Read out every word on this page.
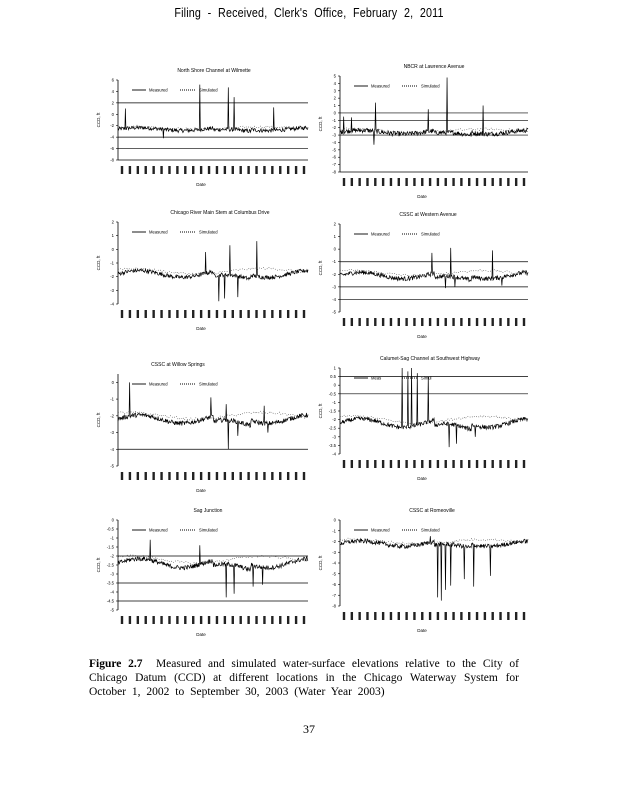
Filing - Received, Clerk's Office, February 2, 2011
North Shore Channel at Wilmette
6
4
2
0
-2
-4
-6
-8
CCD, ft
Date
Measured	Simulated
NBCR at Lawrence Avenue
5
4
3
2
1
0
-1
-2
-3
-4
-5
-6
-7
-8
CCD, ft
Date
Measured	Simulated
Chicago River Main Stem at Columbus Drive
2
1
0
-1
-2
-3
-4
CCD, ft
Date
Measured	Simulated
CSSC at Western Avenue
2
1
0
-1
-2
-3
-4
-5
CCD, ft
Date
Measured	Simulated
CSSC at Willow Springs
0
-1
-2
-3
-4
-5
CCD, ft
Date
Measured	Simulated
Calumet-Sag Channel at Southwest Highway
1
0.5
0
-0.5
-1
-1.5
-2
-2.5
-3
-3.5
-4
CCD, ft
Date
Meas	Simul
Sag Junction
0
-0.5
-1
-1.5
-2
-2.5
-3
-3.5
-4
-4.5
-5
CCD, ft
Date
Measured	Simulated
CSSC at Romeoville
0
-1
-2
-3
-4
-5
-6
-7
-8
CCD, ft
Date
Measured	Simulated
Figure 2.7 Measured and simulated water-surface elevations relative to the City of Chicago Datum (CCD) at different locations in the Chicago Waterway System for October 1, 2002 to September 30, 2003 (Water Year 2003)
37
